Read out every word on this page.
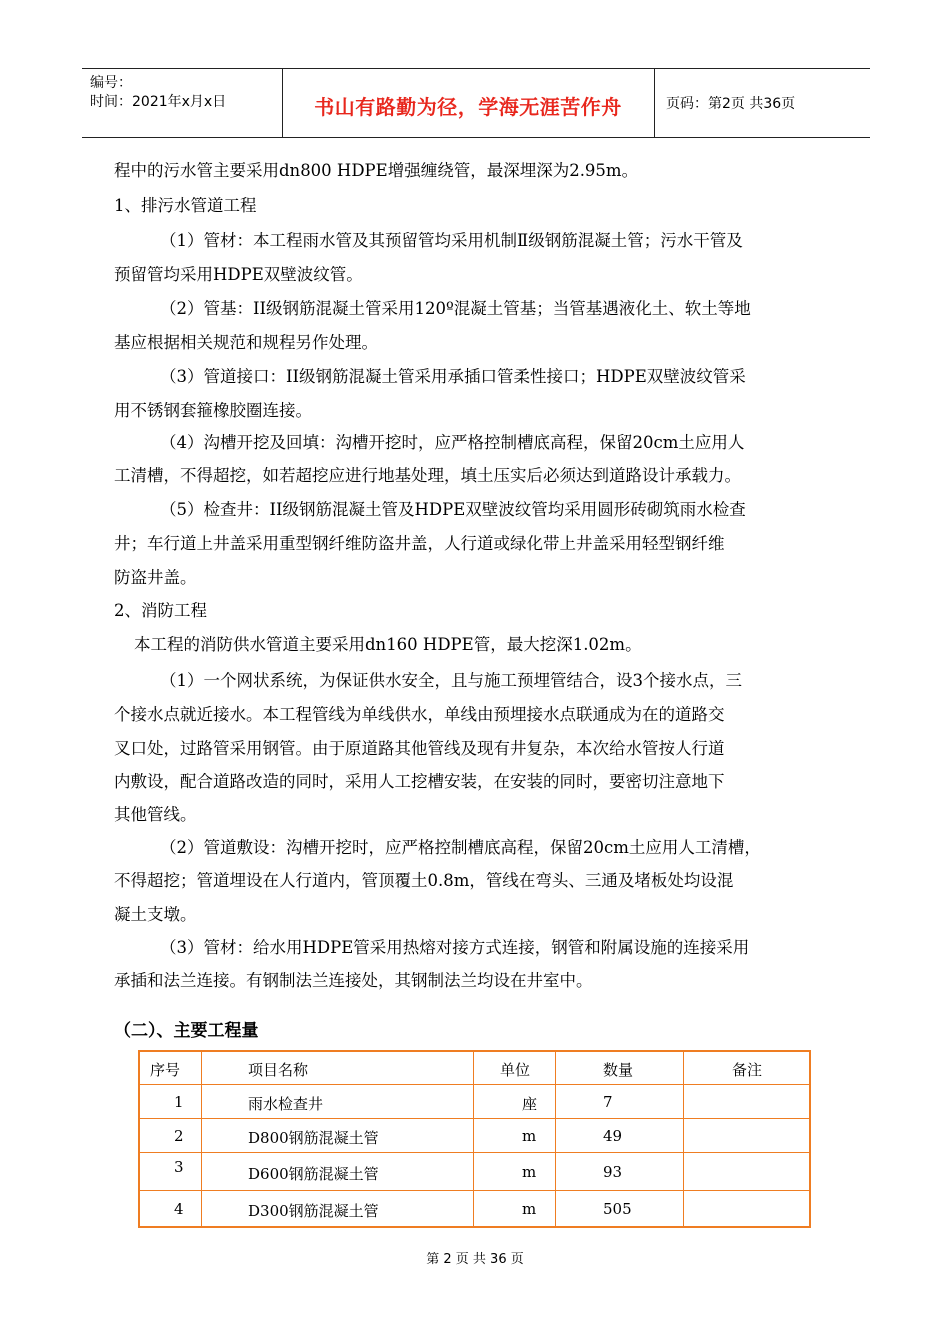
编号：
时间：2021年x月x日	书山有路勤为径，学海无涯苦作舟	页码：第2页 共36页
程中的污水管主要采用dn800 HDPE增强缠绕管，最深埋深为2.95m。
1、排污水管道工程
（1）管材：本工程雨水管及其预留管均采用机制Ⅱ级钢筋混凝土管；污水干管及
预留管均采用HDPE双壁波纹管。
（2）管基：II级钢筋混凝土管采用120º混凝土管基；当管基遇液化土、软土等地
基应根据相关规范和规程另作处理。
（3）管道接口：II级钢筋混凝土管采用承插口管柔性接口；HDPE双壁波纹管采
用不锈钢套箍橡胶圈连接。
（4）沟槽开挖及回填：沟槽开挖时，应严格控制槽底高程，保留20cm土应用人
工清槽，不得超挖，如若超挖应进行地基处理，填土压实后必须达到道路设计承载力。
（5）检查井：II级钢筋混凝土管及HDPE双壁波纹管均采用圆形砖砌筑雨水检查
井；车行道上井盖采用重型钢纤维防盗井盖，人行道或绿化带上井盖采用轻型钢纤维
防盗井盖。
2、消防工程
本工程的消防供水管道主要采用dn160 HDPE管，最大挖深1.02m。
（1）一个网状系统，为保证供水安全，且与施工预埋管结合，设3个接水点，三
个接水点就近接水。本工程管线为单线供水，单线由预埋接水点联通成为在的道路交
叉口处，过路管采用钢管。由于原道路其他管线及现有井复杂，本次给水管按人行道
内敷设，配合道路改造的同时，采用人工挖槽安装，在安装的同时，要密切注意地下
其他管线。
（2）管道敷设：沟槽开挖时，应严格控制槽底高程，保留20cm土应用人工清槽，
不得超挖；管道埋设在人行道内，管顶覆土0.8m，管线在弯头、三通及堵板处均设混
凝土支墩。
（3）管材：给水用HDPE管采用热熔对接方式连接，钢管和附属设施的连接采用
承插和法兰连接。有钢制法兰连接处，其钢制法兰均设在井室中。
（二）、主要工程量
序号	项目名称	单位	数量	备注
1	雨水检查井	座	7
2	D800钢筋混凝土管	m	49
3	D600钢筋混凝土管	m	93
4	D300钢筋混凝土管	m	505
第 2 页 共 36 页
